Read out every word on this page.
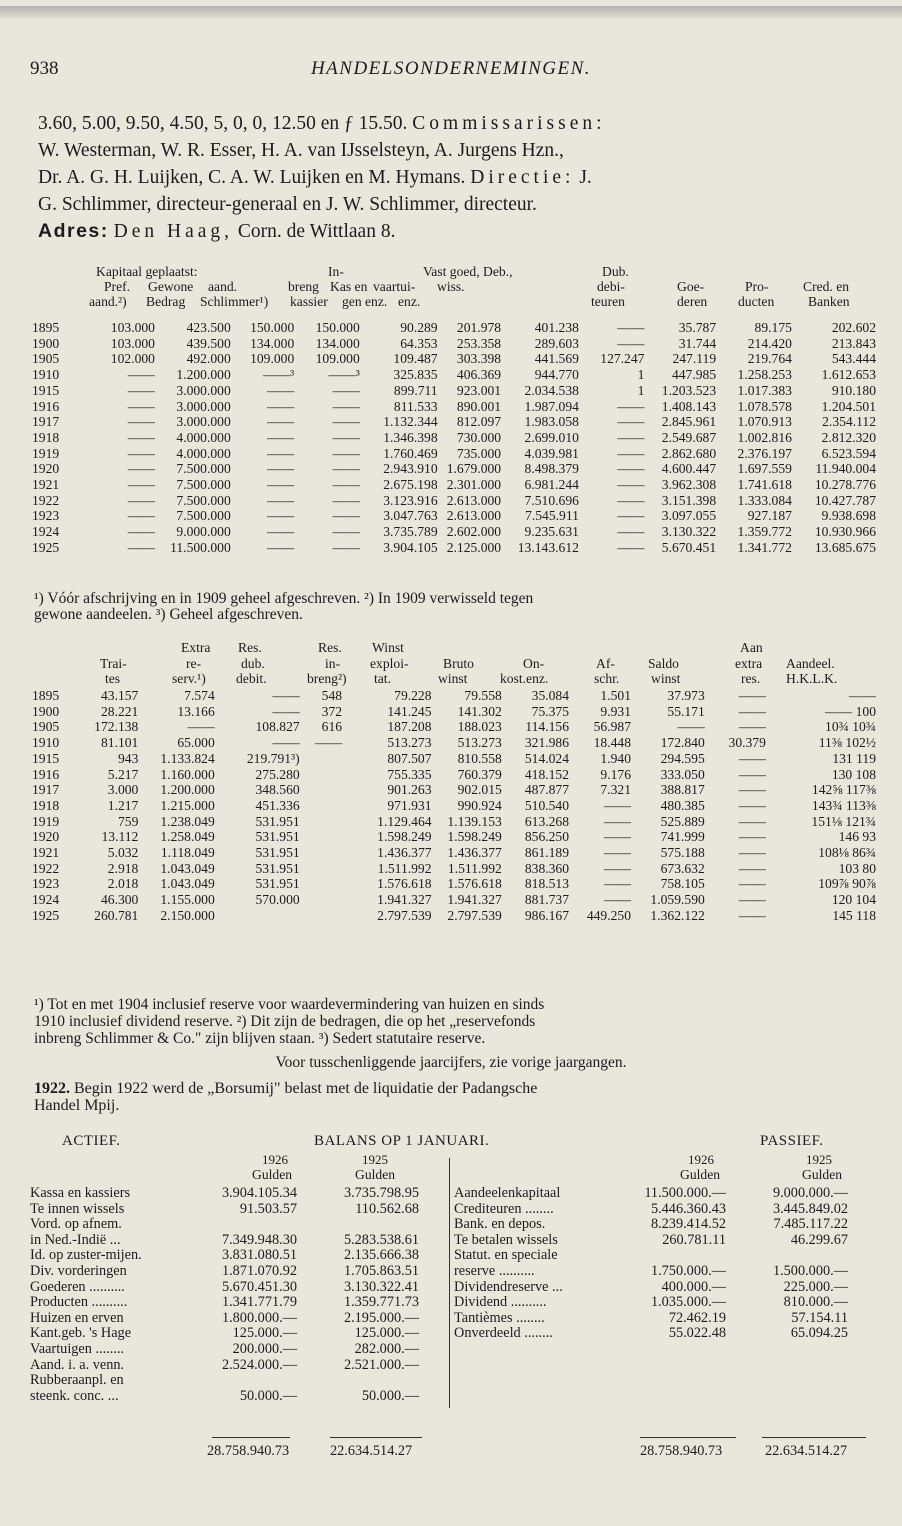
938	HANDELSONDERNEMINGEN.

3.60, 5.00, 9.50, 4.50, 5, 0, 0, 12.50 en ƒ 15.50. Commissarissen:

W. Westerman, W. R. Esser, H. A. van IJsselsteyn, A. Jurgens Hzn.,

Dr. A. G. H. Luijken, C. A. W. Luijken en M. Hymans. Directie: J.

G. Schlimmer, directeur-generaal en J. W. Schlimmer, directeur.

Adres: Den Haag, Corn. de Wittlaan 8.

Kapitaal geplaatst:	In-	Vast goed, Deb.,	Dub.
Pref. Gewone aand.	breng Kas en vaartui- wiss.	debi-	Goe-	Pro-	Cred. en
aand.²) Bedrag Schlimmer¹) kassier gen enz. enz.	teuren	deren ducten Banken
1895	103.000	423.500	150.000	150.000	90.289	201.978	401.238	——	35.787	89.175	202.602
1900	103.000	439.500	134.000	134.000	64.353	253.358	289.603	——	31.744	214.420	213.843
1905	102.000	492.000	109.000	109.000	109.487	303.398	441.569	127.247	247.119	219.764	543.444
1910	——	1.200.000	——³	——³	325.835	406.369	944.770	1	447.985	1.258.253	1.612.653
1915	——	3.000.000	——	——	899.711	923.001	2.034.538	1	1.203.523	1.017.383	910.180
1916	——	3.000.000	——	——	811.533	890.001	1.987.094	——	1.408.143	1.078.578	1.204.501
1917	——	3.000.000	——	——	1.132.344	812.097	1.983.058	——	2.845.961	1.070.913	2.354.112
1918	——	4.000.000	——	——	1.346.398	730.000	2.699.010	——	2.549.687	1.002.816	2.812.320
1919	——	4.000.000	——	——	1.760.469	735.000	4.039.981	——	2.862.680	2.376.197	6.523.594
1920	——	7.500.000	——	——	2.943.910	1.679.000	8.498.379	——	4.600.447	1.697.559	11.940.004
1921	——	7.500.000	——	——	2.675.198	2.301.000	6.981.244	——	3.962.308	1.741.618	10.278.776
1922	——	7.500.000	——	——	3.123.916	2.613.000	7.510.696	——	3.151.398	1.333.084	10.427.787
1923	——	7.500.000	——	——	3.047.763	2.613.000	7.545.911	——	3.097.055	927.187	9.938.698
1924	——	9.000.000	——	——	3.735.789	2.602.000	9.235.631	——	3.130.322	1.359.772	10.930.966
1925	——	11.500.000	——	——	3.904.105	2.125.000	13.143.612	——	5.670.451	1.341.772	13.685.675
¹) Vóór afschrijving en in 1909 geheel afgeschreven. ²) In 1909 verwisseld tegen
gewone aandeelen. ³) Geheel afgeschreven.
Extra Res.	Res. Winst	Aan
Trai-	re-	dub.	in- exploi-	Bruto	On-	Af- Saldo	extra Aandeel.
tes	serv.¹) debit.	breng²) tat.	winst kost.enz.	schr. winst	res. H.K.L.K.
1895	43.157	7.574	——	548	79.228	79.558	35.084	1.501	37.973	——	——
1900	28.221	13.166	——	372	141.245	141.302	75.375	9.931	55.171	——	—— 100
1905	172.138	——	108.827	616	187.208	188.023	114.156	56.987	——	——	10¾ 10¾
1910	81.101	65.000	——	——	513.273	513.273	321.986	18.448	172.840	30.379	11⅜ 102½
1915	943	1.133.824	219.791³)		807.507	810.558	514.024	1.940	294.595	——	131 119
1916	5.217	1.160.000	275.280		755.335	760.379	418.152	9.176	333.050	——	130 108
1917	3.000	1.200.000	348.560		901.263	902.015	487.877	7.321	388.817	——	142⅝ 117⅜
1918	1.217	1.215.000	451.336		971.931	990.924	510.540	——	480.385	——	143¾ 113⅜
1919	759	1.238.049	531.951		1.129.464	1.139.153	613.268	——	525.889	——	151⅛ 121¾
1920	13.112	1.258.049	531.951		1.598.249	1.598.249	856.250	——	741.999	——	146 93
1921	5.032	1.118.049	531.951		1.436.377	1.436.377	861.189	——	575.188	——	108⅛ 86¾
1922	2.918	1.043.049	531.951		1.511.992	1.511.992	838.360	——	673.632	——	103 80
1923	2.018	1.043.049	531.951		1.576.618	1.576.618	818.513	——	758.105	——	109⅞ 90⅞
1924	46.300	1.155.000	570.000		1.941.327	1.941.327	881.737	——	1.059.590	——	120 104
1925	260.781	2.150.000			2.797.539	2.797.539	986.167	449.250	1.362.122	——	145 118
¹) Tot en met 1904 inclusief reserve voor waardevermindering van huizen en sinds
1910 inclusief dividend reserve. ²) Dit zijn de bedragen, die op het „reservefonds
inbreng Schlimmer & Co." zijn blijven staan. ³) Sedert statutaire reserve.
Voor tusschenliggende jaarcijfers, zie vorige jaargangen.
1922. Begin 1922 werd de „Borsumij" belast met de liquidatie der Padangsche
Handel Mpij.
ACTIEF.	BALANS OP 1 JANUARI.	PASSIEF.
1926	1925
Gulden	Gulden
1926	1925
Gulden	Gulden
Kassa en kassiers	3.904.105.34	3.735.798.95
Te innen wissels	91.503.57	110.562.68
Vord. op afnem.		
in Ned.-Indië ...	7.349.948.30	5.283.538.61
Id. op zuster-mijen.	3.831.080.51	2.135.666.38
Div. vorderingen	1.871.070.92	1.705.863.51
Goederen ..........	5.670.451.30	3.130.322.41
Producten ..........	1.341.771.79	1.359.771.73
Huizen en erven	1.800.000.—	2.195.000.—
Kant.geb. 's Hage	125.000.—	125.000.—
Vaartuigen ........	200.000.—	282.000.—
Aand. i. a. venn.	2.524.000.—	2.521.000.—
Rubberaanpl. en		
steenk. conc. ...	50.000.—	50.000.—
Aandeelenkapitaal	11.500.000.—	9.000.000.—
Crediteuren ........	5.446.360.43	3.445.849.02
Bank. en depos.	8.239.414.52	7.485.117.22
Te betalen wissels	260.781.11	46.299.67
Statut. en speciale		
reserve ..........	1.750.000.—	1.500.000.—
Dividendreserve ...	400.000.—	225.000.—
Dividend ..........	1.035.000.—	810.000.—
Tantièmes ........	72.462.19	57.154.11
Onverdeeld ........	55.022.48	65.094.25
28.758.940.73	22.634.514.27	28.758.940.73	22.634.514.27
